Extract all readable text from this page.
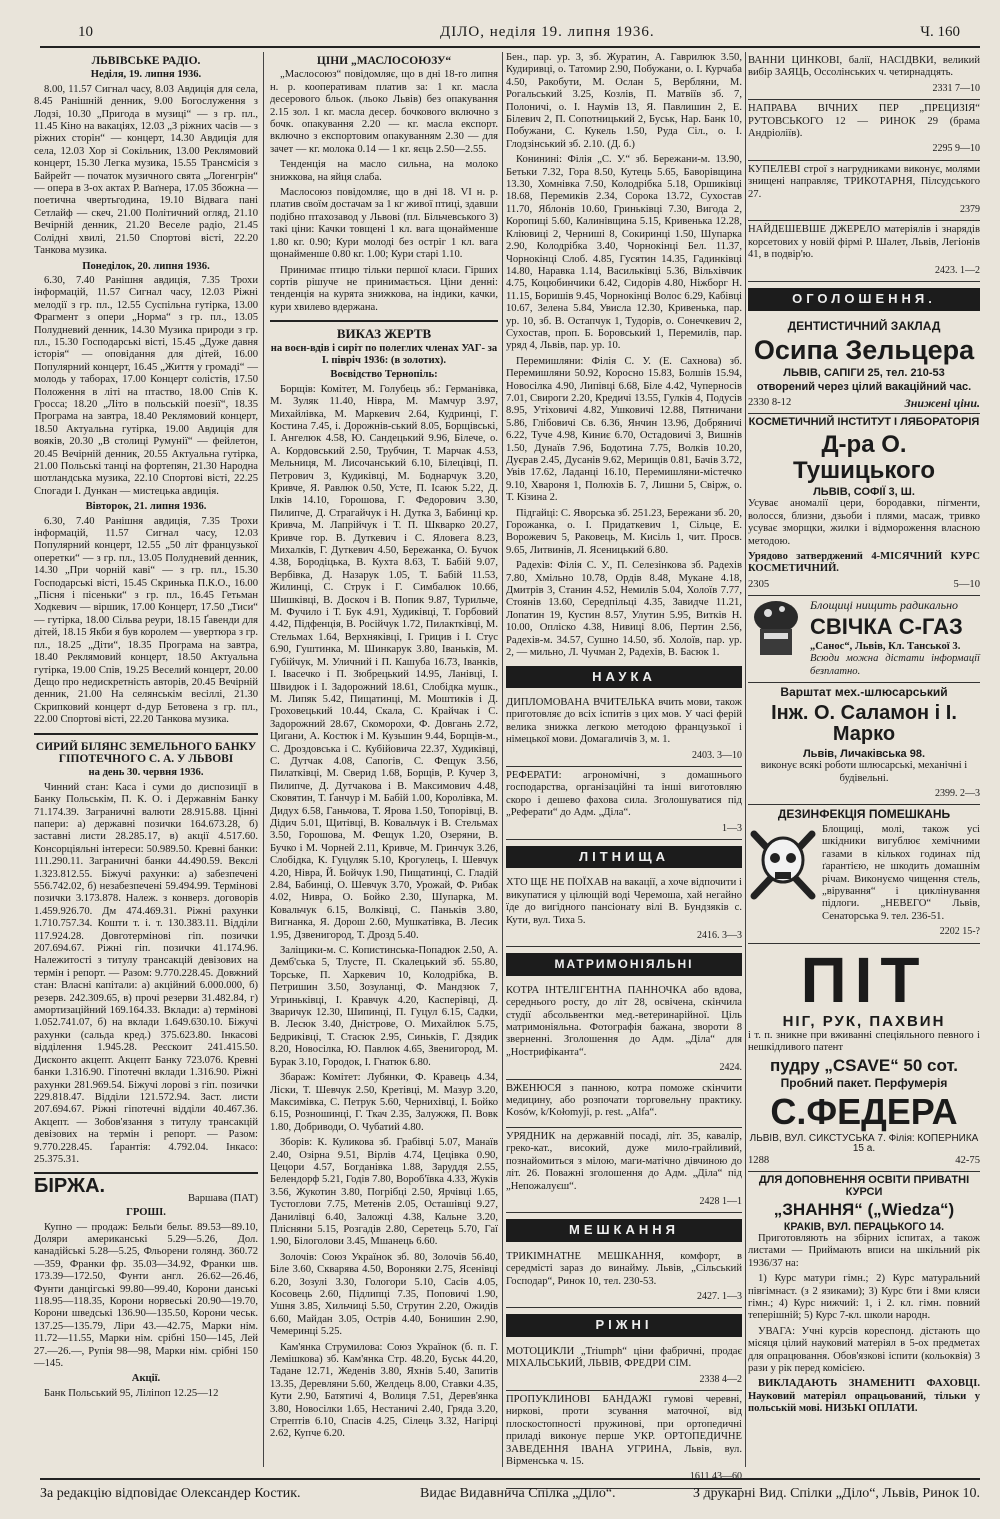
10	ДІЛО, неділя 19. липня 1936.	Ч. 160
ЛЬВІВСЬКЕ РАДІО.
Неділя, 19. липня 1936.

8.00, 11.57 Сигнал часу, 8.03 Авдиція для села, 8.45 Ранішній денник, 9.00 Богослуження з Лодзі, 10.30 „Пригода в музиці“ — з гр. пл., 11.45 Кіно на вакаціях, 12.03 „З ріжних часів — з ріжних сторін“ — концерт, 14.30 Авдиція для села, 12.03 Хор зі Сокільник, 13.00 Реклямовий концерт, 15.30 Легка музика, 15.55 Трансмісія з Байрейт — початок музичного свята „Логенгрін“ — опера в 3-ох актах Р. Ваґнера, 17.05 Збожна — поетична чвертьгодина, 19.10 Відвага пані Сетлайф — скеч, 21.00 Політичний огляд, 21.10 Вечірній денник, 21.20 Веселе радіо, 21.45 Солідні хвилі, 21.50 Спортові вісті, 22.20 Танкова музика.

Понеділок, 20. липня 1936.

6.30, 7.40 Ранішня авдиція, 7.35 Трохи інформацій, 11.57 Сигнал часу, 12.03 Ріжні мелодії з гр. пл., 12.55 Суспільна гутірка, 13.00 Фрагмент з опери „Норма“ з гр. пл., 13.05 Полудневий денник, 14.30 Музика природи з гр. пл., 15.30 Господарські вісті, 15.45 „Дуже давня історія“ — оповідання для дітей, 16.00 Популярний концерт, 16.45 „Життя у громаді“ — молодь у таборах, 17.00 Концерт солістів, 17.50 Положення в літі на птаство, 18.00 Спів К. Гросса; 18.20 „Літо в польській поезії“, 18.35 Програма на завтра, 18.40 Реклямовий концерт, 18.50 Актуальна гутірка, 19.00 Авдиція для вояків, 20.30 „В столиці Румунії“ — фейлетон, 20.45 Вечірній денник, 20.55 Актуальна гутірка, 21.00 Польські танці на фортепян, 21.30 Народна шотландська музика, 22.10 Спортові вісті, 22.25 Спогади І. Дункан — мистецька авдиція.

Вівторок, 21. липня 1936.

6.30, 7.40 Ранішня авдиція, 7.35 Трохи інформацій, 11.57 Сигнал часу, 12.03 Популярний концерт, 12.55 „50 літ французької оперетки“ — з гр. пл., 13.05 Полудневий денник, 14.30 „При чорній каві“ — з гр. пл., 15.30 Господарські вісті, 15.45 Скринька П.К.О., 16.00 „Пісня і пісеньки“ з гр. пл., 16.45 Гетьман Ходкевич — віршик, 17.00 Концерт, 17.50 „Тиси“ — гутірка, 18.00 Сільва реури, 18.15 Ґавенди для дітей, 18.15 Якби я був королем — увертюра з гр. пл., 18.25 „Діти“, 18.35 Програма на завтра, 18.40 Реклямовий концерт, 18.50 Актуальна гутірка, 19.00 Спів, 19.25 Веселий концерт, 20.00 Дещо про недискретність авторів, 20.45 Вечірній денник, 21.00 На селянськім весіллі, 21.30 Скрипковий концерт d-дур Бетовена з гр. пл., 22.00 Спортові вісті, 22.20 Танкова музика.

СИРИЙ БІЛЯНС ЗЕМЕЛЬНОГО БАНКУ ГІПОТЕЧНОГО С. А. У ЛЬВОВІ
на день 30. червня 1936.

Чинний стан: Каса і суми до диспозиції в Банку Польськім, П. К. О. і Державнім Банку 71.174.39. Заграничні валюти 28.915.88. Цінні папери: а) державні позички 164.673.28, б) заставні листи 28.285.17, в) акції 4.517.60. Консорціяльні інтереси: 50.989.50. Кревні банки: 111.290.11. Заграничні банки 44.490.59. Векслі 1.323.812.55. Біжучі рахунки: а) забезпечені 556.742.02, б) незабезпечені 59.494.99. Терміновi позички 3.173.878. Належ. з конверз. договорів 1.459.926.70. Дм 474.469.31. Ріжні рахунки 1.710.757.34. Кошти т. і. т. 130.383.11. Відділи 117.924.28. Довготермінові гіп. позички 207.694.67. Ріжні гіп. позички 41.174.96. Належитості з титулу трансакцій девізових на термін і репорт. — Разом: 9.770.228.45. Довжний стан: Власні капітали: а) акційний 6.000.000, б) резерв. 242.309.65, в) прочі резерви 31.482.84, г) амортизаційний 169.164.33. Вклади: а) термінові 1.052.741.07, б) на вклади 1.649.630.10. Біжучі рахунки (сальда кред.) 375.623.80. Інкасові відділення 1.945.28. Реєскоит 241.415.50. Дисконто акцепт. Акцепт Банку 723.076. Кревні банки 1.316.90. Гіпотечні вклади 1.316.90. Ріжні рахунки 281.969.54. Біжучі лорові з гіп. позички 229.818.47. Відділи 121.572.94. Заст. листи 207.694.67. Ріжні гіпотечні відділи 40.467.36. Акцепт. — Зобов'язання з титулу трансакцій девізових на термін і репорт. — Разом: 9.770.228.45. Ґарантія: 4.792.04. Інкасо: 25.375.31.

БІРЖА.
Варшава (ПАТ)
ГРОШІ.

Купно — продаж: Бельґи бельг. 89.53—89.10, Доляри американські 5.29—5.26, Дол. канадійські 5.28—5.25, Фльорени голянд. 360.72—359, Франки фр. 35.03—34.92, Франки шв. 173.39—172.50, Фунти англ. 26.62—26.46, Фунти данцігські 99.80—99.40, Корони данські 118.95—118.35, Корони норвеські 20.90—19.70, Корони шведські 136.90—135.50, Корони чеськ. 137.25—135.79, Ліри 43.—42.75, Марки нім. 11.72—11.55, Марки нім. срібні 150—145, Лей 27.—26.—, Рупія 98—98, Марки нім. срібні 150—145.

Акції.

Банк Польський 95, Ліліпоп 12.25—12

ЦІНИ „МАСЛОСОЮЗУ“

„Маслосоюз“ повідомляє, що в дні 18-го липня н. р. кооперативам платив за: 1 кг. масла десерового бльок. (льоко Львів) без опакування 2.15 зол. 1 кг. масла десер. бочкового включно з бочк. опакування 2.20 — кг. масла експорт. включно з експортовим опакуванням 2.30 — для зачет — кг. молока 0.14 — 1 кг. яєць 2.50—2.55.

Тенденція на масло сильна, на молоко знижкова, на яйця слаба.

Маслосоюз повідомляє, що в дні 18. VI н. р. платив своїм достачам за 1 кг живої птиці, здавши подібно птахозавод у Львові (пл. Більчевського 3) такі ціни: Качки товщені 1 кл. вага щонайменше 1.80 кг. 0.90; Кури молоді без остріг 1 кл. вага щонайменше 0.80 кг. 1.00; Кури старі 1.10.

Принимає птицю тільки першої класи. Гірших сортів рішуче не принимається. Ціни денні: тенденція на курята знижкова, на індики, качки, кури хвилево вдержана.

ВИКАЗ ЖЕРТВ
на воєн-вдів і сиріт по полеглих членах УАГ- за І. півріч 1936: (в золотих).
Воєвідство Тернопіль:

Борщів: Комітет, М. Голубець зб.: Германівка, М. Зуляк 11.40, Нівра, М. Мамчур 3.97, Михайлівка, М. Маркевич 2.64, Кудринці, Г. Костина 7.45, і. Дорожнів-ський 8.05, Борщівські, І. Ангелюк 4.58, Ю. Сандецький 9.96, Білече, о. А. Кордовський 2.50, Трубчин, Т. Марчак 4.53, Мельниця, М. Лисочанський 6.10, Білецівці, П. Петрович 3, Кудиківці, М. Боднарчук 3.20, Кривче, Я. Равлюк 0.50, Усте, П. Ісаюк 5.22, Д. Ілків 14.10, Горошова, Г. Федорович 3.30, Пилипче, Д. Страгайчук і Н. Дутка 3, Бабинці кр. Кривча, М. Лапрійчук і Т. П. Шкварко 20.27, Кривче гор. В. Дуткевич і С. Яловега 8.23, Михалків, Г. Дуткевич 4.50, Бережанка, О. Бучок 4.38, Бородіцька, В. Кухта 8.63, Т. Бабій 9.07, Вербівка, Д. Назарук 1.05, Т. Бабій 11.53, Жилинці, С. Струк і Г. Симбалюк 10.66, Шишківці, В. Доскоч і В. Попик 9.87, Турильче, М. Фучило і Т. Бук 4.91, Худиківці, Т. Горбовий 4.42, Підфенція, В. Російчук 1.72, Пилактківці, М. Стельмах 1.64, Верхняківці, І. Грицив і І. Стус 6.90, Гуштинка, М. Шинкарук 3.80, Іваньків, М. Губійчук, М. Уличний і П. Кашуба 16.73, Іванків, І. Івасечко і П. Зюбрецький 14.95, Ланівці, І. Швидюк і І. Задорожний 18.61, Слобідка мушк., М. Липяк 5.42, Пищатинці, М. Моштиків і Д. Гроховецький 10.44, Скала, С. Крайчак і С. Задорожний 28.67, Скоморохи, Ф. Довгань 2.72, Цигани, А. Костюк і М. Кузьшин 9.44, Борщів-м., С. Дроздовська і С. Кубійовича 22.37, Худиківці, С. Дутчак 4.08, Сапогів, С. Фещук 3.56, Пилатківці, М. Сверид 1.68, Борщів, Р. Кучер 3, Пилипче, Д. Дутчакова і В. Максимович 4.48, Сковятин, Т. Ґанчур і М. Бабій 1.00, Королівка, М. Дидух 6.58, Ганьчова, Т. Ярова 1.50, Топорівці, В. Дідич 5.01, Щитівці, В. Ковальчук і В. Стельмах 3.50, Горошова, М. Фещук 1.20, Озеряни, В. Бучко і М. Чорней 2.11, Кривче, М. Гринчук 3.26, Слобідка, К. Гуцуляк 5.10, Крогулець, І. Шевчук 4.20, Нівра, Й. Бойчук 1.90, Пищатинці, С. Гладій 2.84, Бабинці, О. Шевчук 3.70, Урожай, Ф. Рибак 4.02, Ниврa, О. Бойко 2.30, Шупарка, М. Ковальчук 6.15, Волківці, С. Паньків 3.80, Вигнанка, Я. Дорош 2.60, Мушкатівка, В. Лесик 1.95, Дзвенигород, Т. Дрозд 5.40.

Заліщики-м. С. Копистинська-Попадюк 2.50, А. Демб'ська 5, Тлусте, П. Скалецький зб. 55.80, Торське, П. Харкевич 10, Колодрібка, В. Петришин 3.50, Зозуланці, Ф. Мандзюк 7, Угриньківці, І. Кравчук 4.20, Касперівці, Д. Зваричук 12.30, Шипинці, П. Гуцул 6.15, Садки, В. Лесюк 3.40, Дністрове, О. Михайлюк 5.75, Бедриківці, Т. Стасюк 2.95, Синьків, Г. Дзядик 8.20, Новосілка, Ю. Павлюк 4.65, Звенигород, М. Бурак 3.10, Городок, І. Гнатюк 6.80.

Збараж: Комітет: Лубянки, Ф. Кравець 4.34, Ліски, Т. Шевчук 2.50, Кретівці, М. Мазур 3.20, Максимівка, С. Петрук 5.60, Чернихівці, І. Бойко 6.15, Розношинці, Г. Ткач 2.35, Залужжя, П. Вовк 1.80, Добриводи, О. Чубатий 4.80.

Зборів: К. Куликова зб. Грабівці 5.07, Манаїв 2.40, Озірна 9.51, Вірлів 4.74, Цецівка 0.90, Цецори 4.57, Богданівка 1.88, Заруддя 2.55, Белендорф 5.21, Годів 7.80, Вороб'ївка 4.33, Жуків 3.56, Жукотин 3.80, Погрібці 2.50, Ярчівці 1.65, Тустоглови 7.75, Метенів 2.05, Осташівці 9.27, Данилівці 6.40, Заложці 4.38, Кальне 3.20, Плісняни 5.15, Розгадів 2.80, Серетець 5.70, Гаї 1.90, Білоголови 3.45, Мшанець 6.60.

Золочів: Союз Українок зб. 80, Золочів 56.40, Біле 3.60, Скварява 4.50, Вороняки 2.75, Ясенівці 6.20, Зозулі 3.30, Гологори 5.10, Сасів 4.05, Косовець 2.60, Підлипці 7.35, Поповичі 1.90, Ушня 3.85, Хильчиці 5.50, Струтин 2.20, Ожидів 6.60, Майдан 3.05, Острів 4.40, Бонишин 2.90, Чемеринці 5.25.

Кам'янка Струмилова: Союз Українок (б. п. Г. Лемішкова) зб. Кам'янка Стр. 48.20, Буськ 44.20, Тадане 12.71, Жеденів 3.80, Яхнів 5.40, Запитів 13.35, Деревляни 5.60, Желдець 8.00, Ставки 4.35, Кути 2.90, Батятичі 4, Волиця 7.51, Дерев'янка 3.80, Новосілки 1.65, Нестаничі 2.40, Гряда 3.20, Стрептів 6.10, Спасів 4.25, Сілець 3.32, Нагірці 2.62, Купче 6.20.

Бен., пар. ур. 3, зб. Журатин, А. Гаврилюк 3.50, Кудиривці, о. Татомир 2.90, Побужани, о. І. Курчаба 4.50, Ракобути, М. Ослан 5, Вербляни, М. Рогальський 3.25, Козлів, П. Матвіїв зб. 7, Полоничі, о. І. Наумів 13, Я. Павлишин 2, Е. Білевич 2, П. Сопотницький 2, Буськ, Нар. Банк 10, Побужани, С. Кукель 1.50, Руда Сіл., о. І. Глодзінський зб. 2.10. (Д. б.)

Конинині: Філія „С. У.“ зб. Бережани-м. 13.90, Бетьки 7.32, Гора 8.50, Кутець 5.65, Баворівщина 13.30, Хомнівка 7.50, Колодрібка 5.18, Оршиківці 18.68, Перемиків 2.34, Сорока 13.72, Сухостав 11.70, Яблонів 10.60, Гриньківці 7.30, Вигода 2, Коропиці 5.60, Калинівщина 5.15, Кривенька 12.28, Кліювиці 2, Черниші 8, Сокиринці 1.50, Шупарка 2.90, Колодрібка 3.40, Чорнокінці Бел. 11.37, Чорнокінці Слоб. 4.85, Гусятин 14.35, Гадинківці 14.80, Наравка 1.14, Васильківці 5.36, Вільхівчик 4.75, Коцюбинчики 6.42, Сидорів 4.80, Ніжборг Н. 11.15, Боришів 9.45, Чорнокінці Волос 6.29, Кабівці 10.67, Зелена 5.84, Увисла 12.30, Кривенька, пар. ур. 10, зб. В. Остапчук 1, Тудорів, о. Сонечкевич 2, Сухостав, проп. Б. Боровський 1, Перемилів, пар. уряд 4, Львів, пар. ур. 10.

Перемишляни: Філія С. У. (Е. Сахнова) зб. Перемишляни 50.92, Коросно 15.83, Болшів 15.94, Новосілка 4.90, Липівці 6.68, Біле 4.42, Чуперносів 7.01, Свироги 2.20, Кредичі 13.55, Гулків 4, Подусів 8.95, Утіховичі 4.82, Ушковичі 12.88, Пятничани 5.86, Глібовичі Св. 6.36, Янчин 13.96, Добряничі 6.22, Туче 4.98, Киниє 6.70, Остадовичі 3, Вишнів 1.50, Дунаїв 7.96, Бодотина 7.75, Волків 10.20, Дуєрав 2.45, Дусанів 9.62, Мерищів 0.81, Бачів 3.72, Увів 17.62, Ладанці 16.10, Перемишляни-містечко 9.10, Хвароня 1, Полюхів Б. 7, Лишни 5, Свірж, о. Т. Кізина 2.

Підгайці: С. Яворська зб. 251.23, Бережани зб. 20, Горожанка, о. І. Придаткевич 1, Сільце, Е. Ворожевич 5, Раковець, М. Кисіль 1, чит. Просв. 9.65, Литвинів, Л. Ясеницький 6.80.

Радехів: Філія С. У., П. Селезінкова зб. Радехів 7.80, Хмільно 10.78, Ордів 8.48, Мукане 4.18, Дмитрів 3, Станин 4.52, Немилів 5.04, Холоїв 7.77, Стоянів 13.60, Середпільці 4.35, Завидче 11.21, Лопатин 19, Кустин 8.57, Улутин 5.95, Витків Н. 10.00, Опліско 4.38, Нивиці 8.06, Пертин 2.56, Радехів-м. 34.57, Сушно 14.50, зб. Холоїв, пар. ур. 2, — мильно, Л. Чучман 2, Радехів, В. Басюк 1.

НАУКА

ДИПЛОМОВАНА ВЧИТЕЛЬКА вчить мови, також приготовляє до всіх іспитів з цих мов. У часі ферій велика знижка легкою методою французької і німецької мови. Домагаличів 3, м. 1.

2403. 3—10

РЕФЕРАТИ: агрономічні, з домашнього господарства, організаційні та інші виготовляю скоро і дешево фахова сила. Зголошуватися під „Реферати“ до Адм. „Діла“.

1—3
ЛІТНИЩА

ХТО ЩЕ НЕ ПОЇХАВ на вакації, а хоче відпочити і викупатися у цілющій воді Черемоша, хай негайно їде до вигідного пансіонату вілі В. Бундзяків с. Кути, вул. Тиха 5.

2416. 3—3
МАТРИМОНІЯЛЬНІ

КОТРА ІНТЕЛІГЕНТНА ПАННОЧКА або вдова, середнього росту, до літ 28, освічена, скінчила студії абсольвентки мед.-ветеринарійної. Ціль матримоніяльна. Фотографія бажана, звороти 8 зверненні. Зголошення до Адм. „Діла“ для „Нострифіканта“.

2424.

ВЖЕНЮСЯ з панною, котра поможе скінчити медицину, або розпочати торговельну практику. Kosów, k/Kołomyji, p. rest. „Alfa“.

УРЯДНИК на державній посаді, літ. 35, кавалір, греко-кат., високий, дуже мило-грайливий, познайомиться з мілою, маги-матічно дівчиною до літ. 26. Поважні зголошення до Адм. „Діла“ під „Непожалуєш“.

2428 1—1
МЕШКАННЯ

ТРИКІМНАТНЕ МЕШКАННЯ, комфорт, в середмісті зараз до винайму. Львів, „Сільський Господар“, Ринок 10, тел. 230-53.

2427. 1—3
РІЖНІ

МОТОЦИКЛИ „Triumph“ ціни фабричні, продає МІХАЛЬСЬКИЙ, ЛЬВІВ, ФРЕДРИ СІМ.

2338 4—2

ПРОПУКЛИНОВІ БАНДАЖІ гумові черевні, ниркові, проти зсування маточної, від плоскостопності пружинові, при ортопедичні приладі виконує перше УКР. ОРТОПЕДИЧНЕ ЗАВЕДЕННЯ ІВАНА УГРИНА, Львів, вул. Вірменська ч. 15.

1611 43—60

ВАННИ ЦИНКОВІ, балії, НАСІДВКИ, великий вибір ЗАЯЦЬ, Оссолінських ч. четирнадцять.

2331 7—10

НАПРАВА ВІЧНИХ ПЕР „ПРЕЦИЗІЯ“ РУТОВСЬКОГО 12 — РИНОК 29 (брама Андріоліїв).

2295 9—10

КУПЕЛЕВІ строї з нагрудниками виконує, молями знищені направляє, ТРИКОТАРНЯ, Пілсудського 27.

2379

НАЙДЕШЕВШЕ ДЖЕРЕЛО матеріялів і знарядів корсетових у новій фірмі Р. Шалет, Львів, Легіонів 41, в подвір'ю.

2423. 1—2
ОГОЛОШЕННЯ.
ДЕНТИСТИЧНИЙ ЗАКЛАД
Осипа Зельцера
ЛЬВІВ, САПІГИ 25, тел. 210-53
отворений через цілий вакаційний час.
2330 8-12	Знижені ціни.
КОСМЕТИЧНИЙ ІНСТИТУТ І ЛЯБОРАТОРІЯ
Д-ра О. Тушицького
ЛЬВІВ, СОФІЇ 3, Ш.

Усуває аномалії цери, бородавки, пігменти, волосся, близни, дзьоби і плями, масаж, тривко усуває зморщки, жилки і відмороження власною методою.

Урядово затверджений 4-МІСЯЧНИЙ КУРС КОСМЕТИЧНИЙ.

2305	5—10
Блощиці нищить радикально
СВІЧКА С-ГАЗ
„Санос“, Львів, Кл. Танської 3.
Всюди можна дістати інформації безплатно.
Варштат мех.-шлюсарський
Інж. О. Саламон і І. Марко
Львів, Личаківська 98.

виконує всякі роботи шлюсарські, механічні і будівельні.

2399. 2—3
ДЕЗИНФЕКЦІЯ ПОМЕШКАНЬ

Блощиці, молі, також усі шкідники вигублює хемічними газами в кількох годинах під ґарантією, не шкодить домашнім річам. Виконуємо чищення стель, „вірування“ і циклінування підлоги. „НЕВЕГО“ Львів, Сенаторська 9. тел. 236-51.

2202 15-?
ПІТ
НІГ, РУК, ПАХВИН

і т. п. зникне при вживанні спеціяльного певного і нешкідливого патент

пудру „CSAVE“ 50 сот.
Пробний пакет. Перфумерія
С.ФЕДЕРА
ЛЬВІВ, ВУЛ. СИКСТУСЬКА 7. Філія: КОПЕРНИКА 15 а.
1288	42-75
ДЛЯ ДОПОВНЕННЯ ОСВІТИ ПРИВАТНІ КУРСИ
„ЗНАННЯ“ („Wiedza“)
КРАКІВ, ВУЛ. ПЕРАЦЬКОГО 14.

Приготовляють на збірних іспитах, а також листами — Приймають вписи на шкільний рік 1936/37 на:

1) Курс матури гімн.; 2) Курс матуральний півгімнаст. (з 2 язиками); 3) Курс 6ти і 8ми кляси гімн.; 4) Курс нижчий: 1, і 2. кл. гімн. повний теперішній; 5) Курс 7-кл. школи народн.

УВАГА: Учні курсів кореспонд. дістають що місяця цілий науковий матеріял в 5-ох предметах для опрацювання. Обов'язкові іспити (кольоквія) 3 рази у рік перед комісією.

ВИКЛАДАЮТЬ ЗНАМЕНИТІ ФАХОВЦІ. Науковий матеріял опрацьований, тільки у польській мові. НИЗЬКІ ОПЛАТИ.

За редакцію відповідає Олександер Костик.	Видає Видавнича Спілка „Діло“.	З друкарні Вид. Спілки „Діло“, Львів, Ринок 10.
